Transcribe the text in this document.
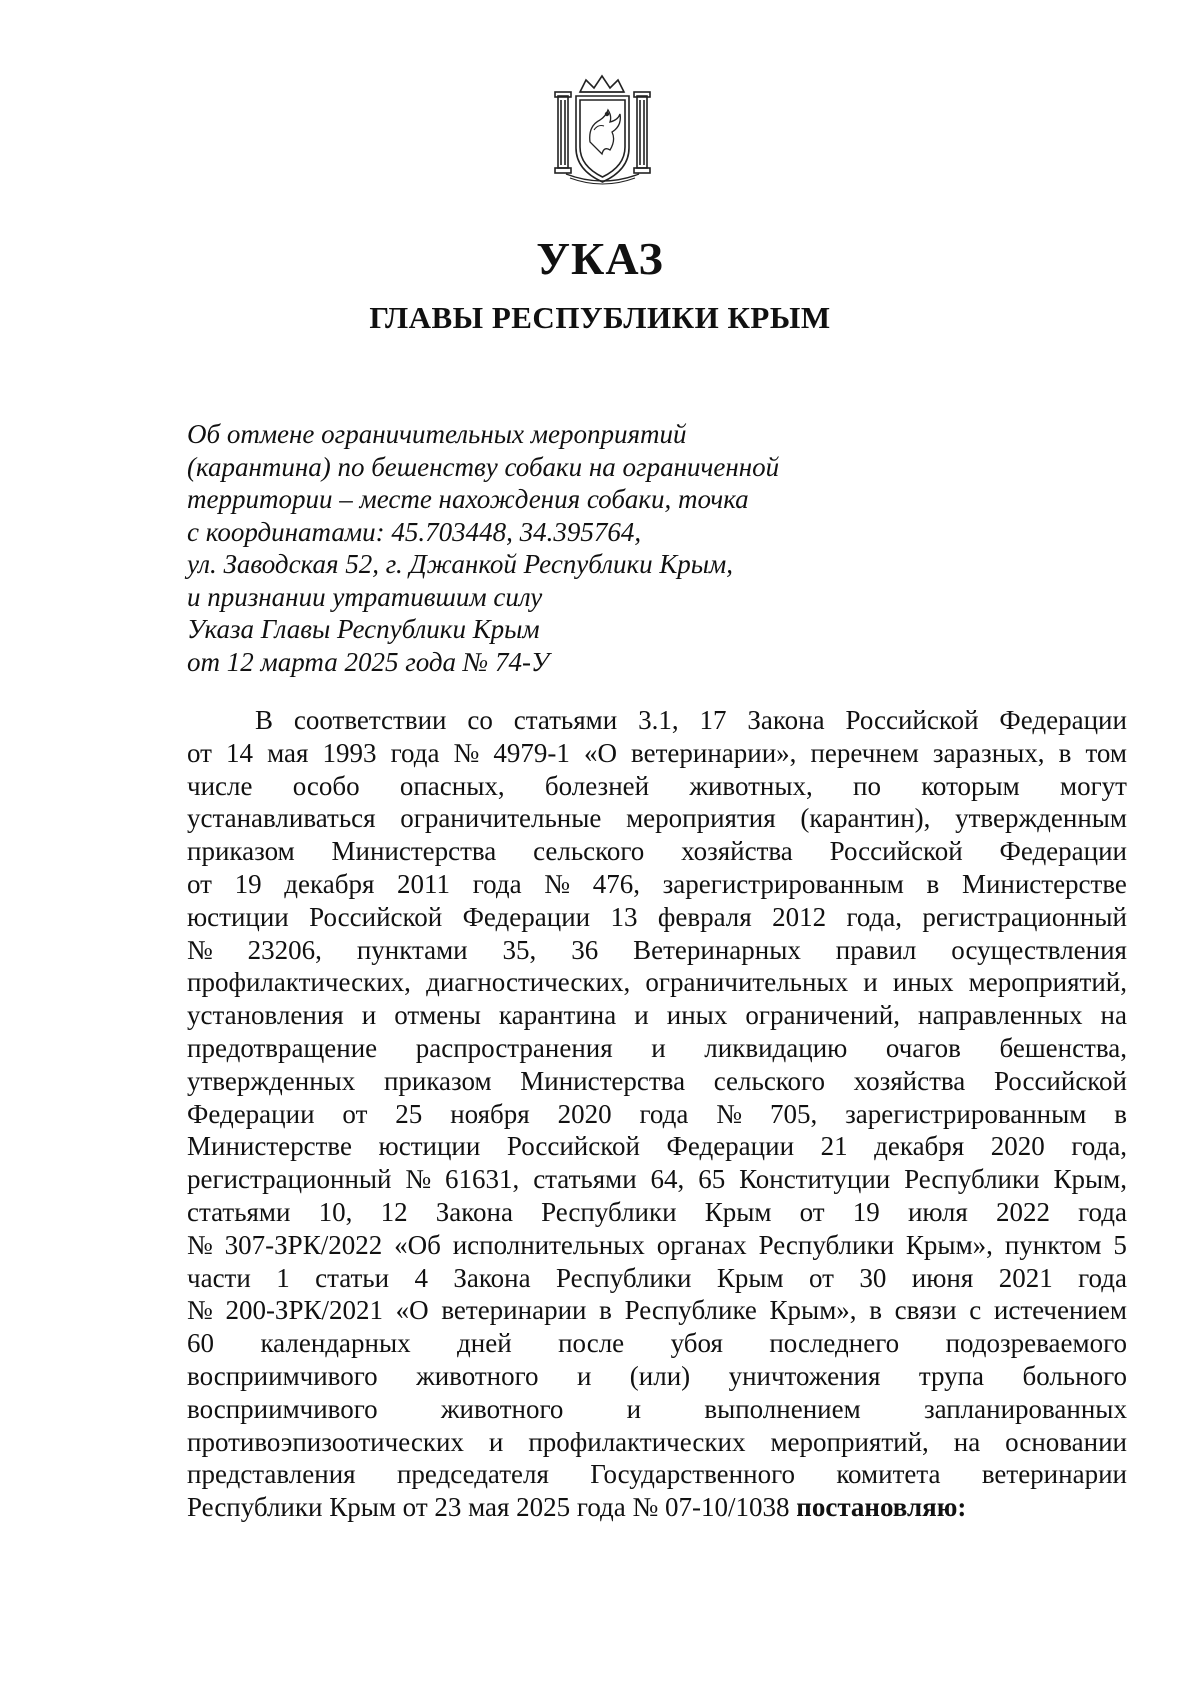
УКАЗ
ГЛАВЫ РЕСПУБЛИКИ КРЫМ
Об отмене ограничительных мероприятий
(карантина) по бешенству собаки на ограниченной
территории – месте нахождения собаки, точка
с координатами: 45.703448, 34.395764,
ул. Заводская 52, г. Джанкой Республики Крым,
и признании утратившим силу
Указа Главы Республики Крым
от 12 марта 2025 года № 74-У
В соответствии со статьями 3.1, 17 Закона Российской Федерации
от 14 мая 1993 года № 4979-1 «О ветеринарии», перечнем заразных, в том
числе особо опасных, болезней животных, по которым могут
устанавливаться ограничительные мероприятия (карантин), утвержденным
приказом Министерства сельского хозяйства Российской Федерации
от 19 декабря 2011 года № 476, зарегистрированным в Министерстве
юстиции Российской Федерации 13 февраля 2012 года, регистрационный
№ 23206, пунктами 35, 36 Ветеринарных правил осуществления
профилактических, диагностических, ограничительных и иных мероприятий,
установления и отмены карантина и иных ограничений, направленных на
предотвращение распространения и ликвидацию очагов бешенства,
утвержденных приказом Министерства сельского хозяйства Российской
Федерации от 25 ноября 2020 года № 705, зарегистрированным в
Министерстве юстиции Российской Федерации 21 декабря 2020 года,
регистрационный № 61631, статьями 64, 65 Конституции Республики Крым,
статьями 10, 12 Закона Республики Крым от 19 июля 2022 года
№ 307-ЗРК/2022 «Об исполнительных органах Республики Крым», пунктом 5
части 1 статьи 4 Закона Республики Крым от 30 июня 2021 года
№ 200-ЗРК/2021 «О ветеринарии в Республике Крым», в связи с истечением
60 календарных дней после убоя последнего подозреваемого
восприимчивого животного и (или) уничтожения трупа больного
восприимчивого животного и выполнением запланированных
противоэпизоотических и профилактических мероприятий, на основании
представления председателя Государственного комитета ветеринарии
Республики Крым от 23 мая 2025 года № 07-10/1038 постановляю:
